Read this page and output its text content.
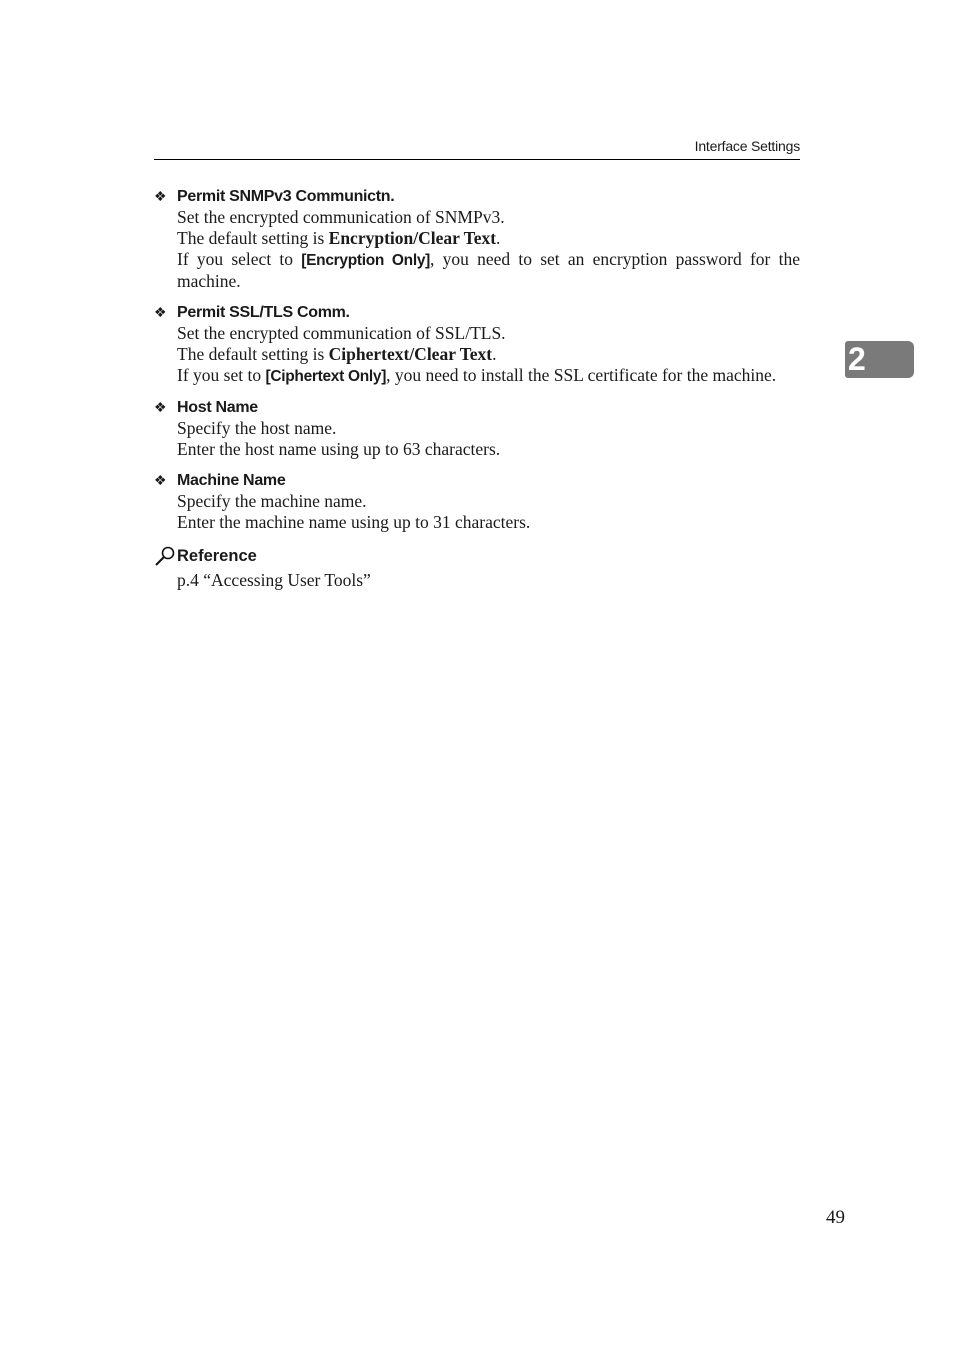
Interface Settings
2
❖ Permit SNMPv3 Communictn.

Set the encrypted communication of SNMPv3.

The default setting is Encryption/Clear Text.

If you select to [Encryption Only], you need to set an encryption password for the machine.

❖ Permit SSL/TLS Comm.

Set the encrypted communication of SSL/TLS.

The default setting is Ciphertext/Clear Text.

If you set to [Ciphertext Only], you need to install the SSL certificate for the machine.

❖ Host Name

Specify the host name.

Enter the host name using up to 63 characters.

❖ Machine Name

Specify the machine name.

Enter the machine name using up to 31 characters.

Reference
p.4 “Accessing User Tools”
49
